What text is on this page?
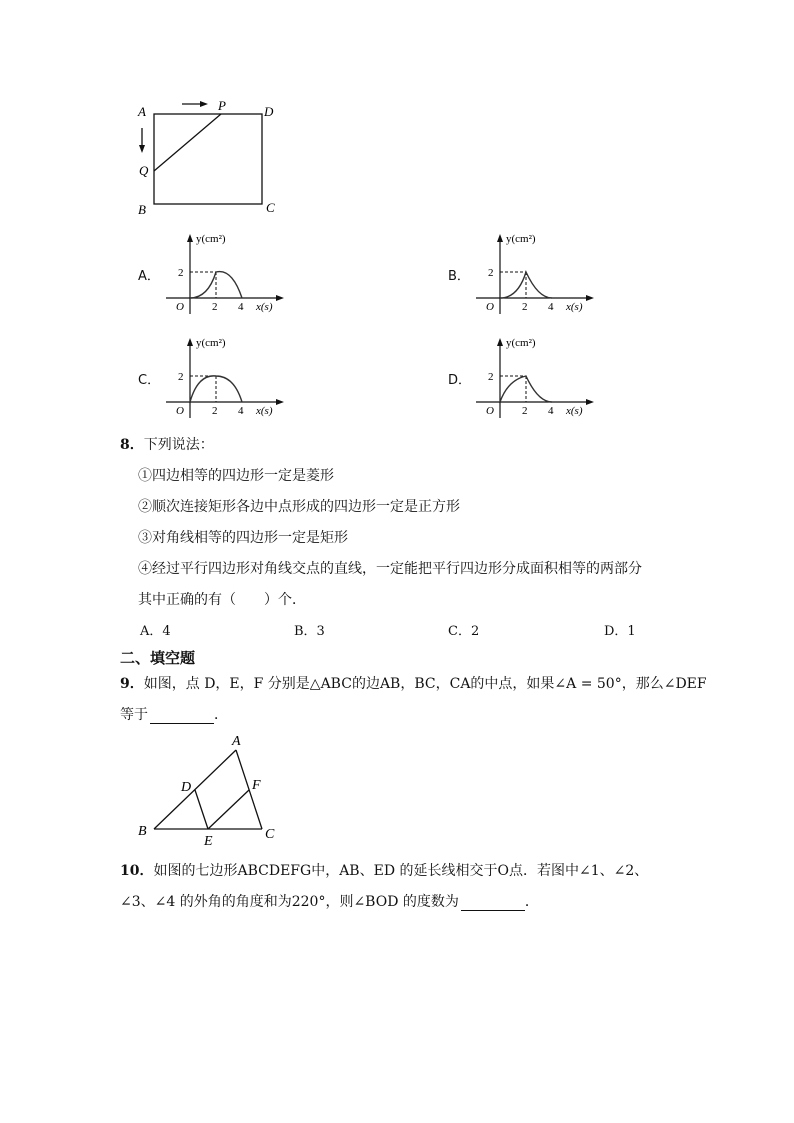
A	P	D
Q
B	C
A．
y(cm²)
x(s)
O
2
2 4
B．
y(cm²)
x(s)
O
2
2 4
C．
y(cm²)
x(s)
O
2
2 4
D．
y(cm²)
x(s)
O
2
2 4
8．下列说法：
①四边相等的四边形一定是菱形
②顺次连接矩形各边中点形成的四边形一定是正方形
③对角线相等的四边形一定是矩形
④经过平行四边形对角线交点的直线，一定能把平行四边形分成面积相等的两部分
其中正确的有（　　）个．
A．4	B．3	C．2	D．1
二、填空题
9．如图，点 D，E，F 分别是△ABC的边AB，BC，CA的中点，如果∠A = 50°，那么∠DEF
等于	．
A
B	C
D
E
F
10．如图的七边形ABCDEFG中，AB、ED 的延长线相交于O点．若图中∠1、∠2、
∠3、∠4 的外角的角度和为220°，则∠BOD 的度数为	．
